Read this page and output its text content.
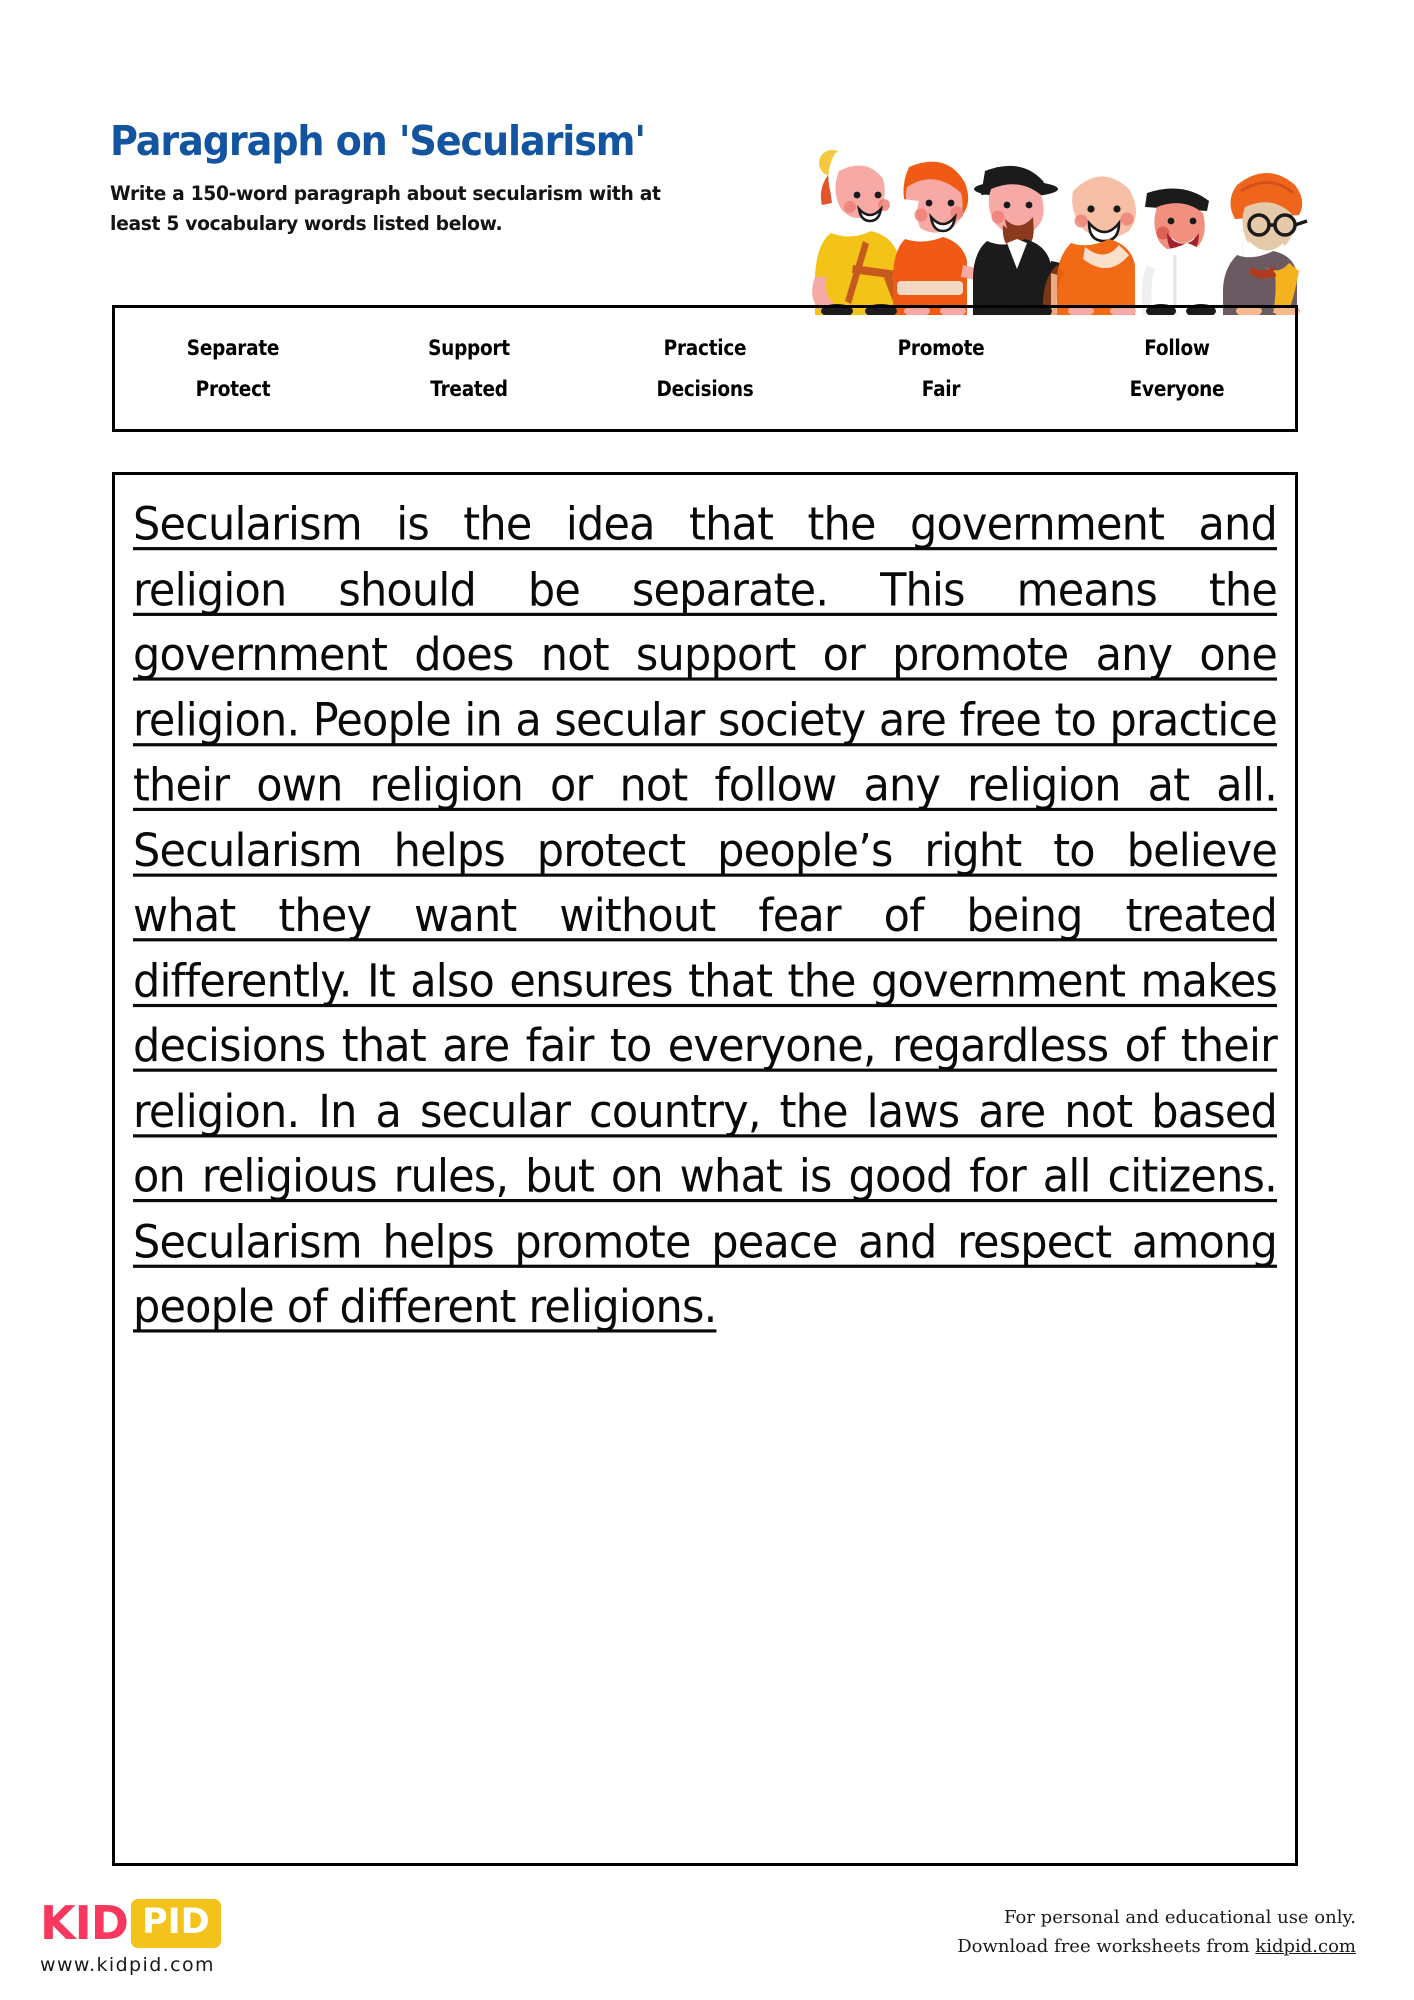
Paragraph on 'Secularism'
Write a 150-word paragraph about secularism with at least 5 vocabulary words listed below.
Separate	Support	Practice	Promote	Follow
Protect	Treated	Decisions	Fair	Everyone
Secularism is the idea that the government and religion should be separate. This means the government does not support or promote any one religion. People in a secular society are free to practice their own religion or not follow any religion at all. Secularism helps protect people’s right to believe what they want without fear of being treated differently. It also ensures that the government makes decisions that are fair to everyone, regardless of their religion. In a secular country, the laws are not based on religious rules, but on what is good for all citizens. Secularism helps promote peace and respect among people of different religions.
KID PID
www.kidpid.com
For personal and educational use only.
Download free worksheets from kidpid.com
